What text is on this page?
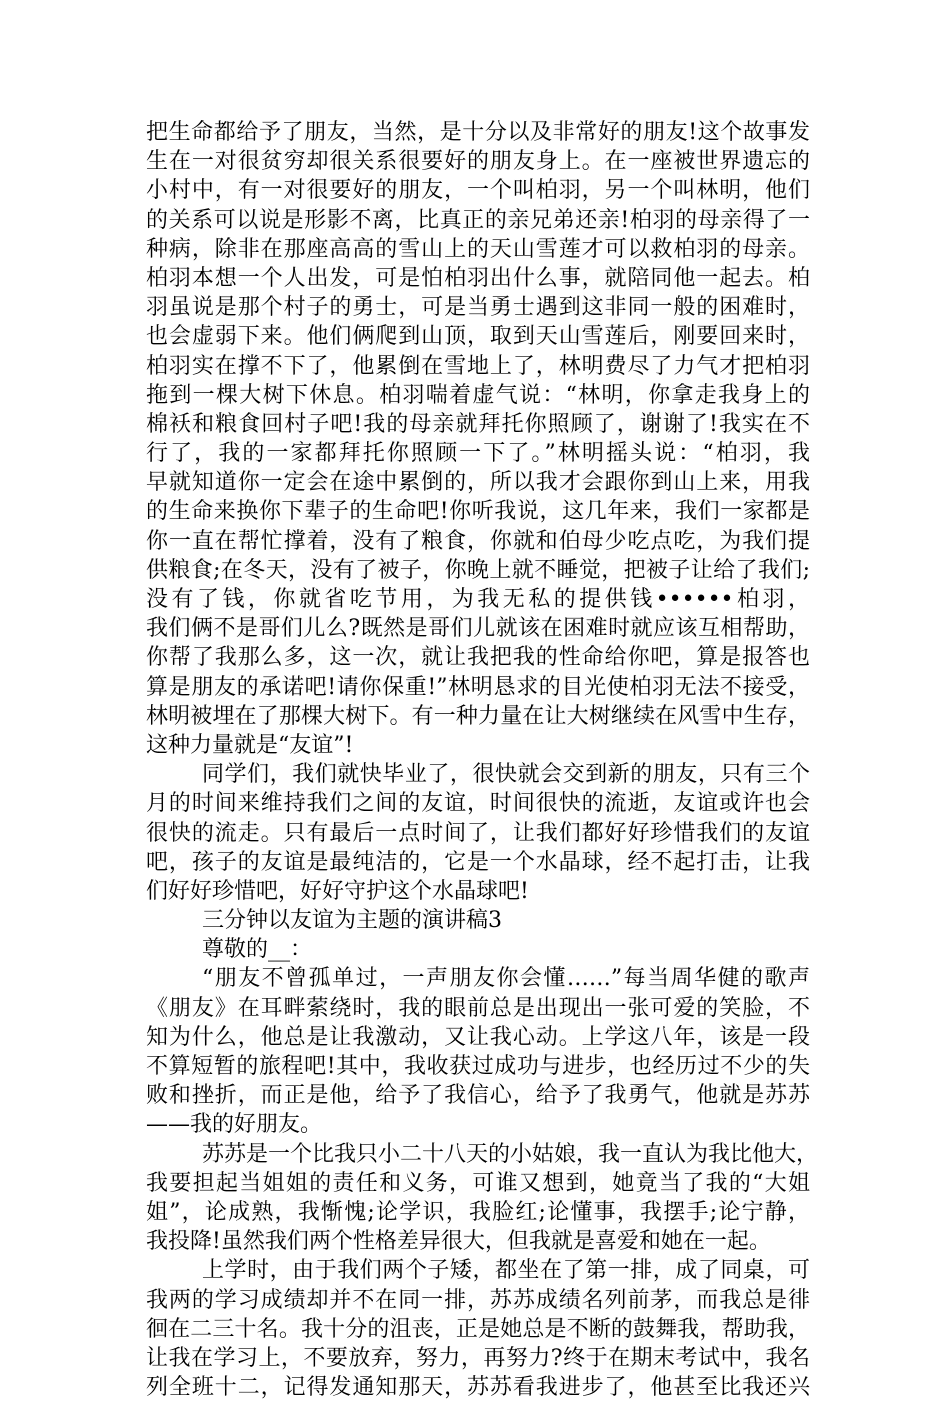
把生命都给予了朋友，当然，是十分以及非常好的朋友!这个故事发
生在一对很贫穷却很关系很要好的朋友身上。在一座被世界遗忘的
小村中，有一对很要好的朋友，一个叫柏羽，另一个叫林明，他们
的关系可以说是形影不离，比真正的亲兄弟还亲!柏羽的母亲得了一
种病，除非在那座高高的雪山上的天山雪莲才可以救柏羽的母亲。
柏羽本想一个人出发，可是怕柏羽出什么事，就陪同他一起去。柏
羽虽说是那个村子的勇士，可是当勇士遇到这非同一般的困难时，
也会虚弱下来。他们俩爬到山顶，取到天山雪莲后，刚要回来时，
柏羽实在撑不下了，他累倒在雪地上了，林明费尽了力气才把柏羽
拖到一棵大树下休息。柏羽喘着虚气说：“林明，你拿走我身上的
棉袄和粮食回村子吧!我的母亲就拜托你照顾了，谢谢了!我实在不
行了，我的一家都拜托你照顾一下了。”林明摇头说：“柏羽，我
早就知道你一定会在途中累倒的，所以我才会跟你到山上来，用我
的生命来换你下辈子的生命吧!你听我说，这几年来，我们一家都是
你一直在帮忙撑着，没有了粮食，你就和伯母少吃点吃，为我们提
供粮食;在冬天，没有了被子，你晚上就不睡觉，把被子让给了我们;
没有了钱，你就省吃节用，为我无私的提供钱••••••柏羽，
我们俩不是哥们儿么?既然是哥们儿就该在困难时就应该互相帮助，
你帮了我那么多，这一次，就让我把我的性命给你吧，算是报答也
算是朋友的承诺吧!请你保重!”林明恳求的目光使柏羽无法不接受，
林明被埋在了那棵大树下。有一种力量在让大树继续在风雪中生存，
这种力量就是“友谊”!
同学们，我们就快毕业了，很快就会交到新的朋友，只有三个
月的时间来维持我们之间的友谊，时间很快的流逝，友谊或许也会
很快的流走。只有最后一点时间了，让我们都好好珍惜我们的友谊
吧，孩子的友谊是最纯洁的，它是一个水晶球，经不起打击，让我
们好好珍惜吧，好好守护这个水晶球吧!
三分钟以友谊为主题的演讲稿3
尊敬的__：
“朋友不曾孤单过，一声朋友你会懂……”每当周华健的歌声
《朋友》在耳畔萦绕时，我的眼前总是出现出一张可爱的笑脸，不
知为什么，他总是让我激动，又让我心动。上学这八年，该是一段
不算短暂的旅程吧!其中，我收获过成功与进步，也经历过不少的失
败和挫折，而正是他，给予了我信心，给予了我勇气，他就是苏苏
——我的好朋友。
苏苏是一个比我只小二十八天的小姑娘，我一直认为我比他大，
我要担起当姐姐的责任和义务，可谁又想到，她竟当了我的“大姐
姐”，论成熟，我惭愧;论学识，我脸红;论懂事，我摆手;论宁静，
我投降!虽然我们两个性格差异很大，但我就是喜爱和她在一起。
上学时，由于我们两个子矮，都坐在了第一排，成了同桌，可
我两的学习成绩却并不在同一排，苏苏成绩名列前茅，而我总是徘
徊在二三十名。我十分的沮丧，正是她总是不断的鼓舞我，帮助我，
让我在学习上，不要放弃，努力，再努力?终于在期末考试中，我名
列全班十二，记得发通知那天，苏苏看我进步了，他甚至比我还兴
